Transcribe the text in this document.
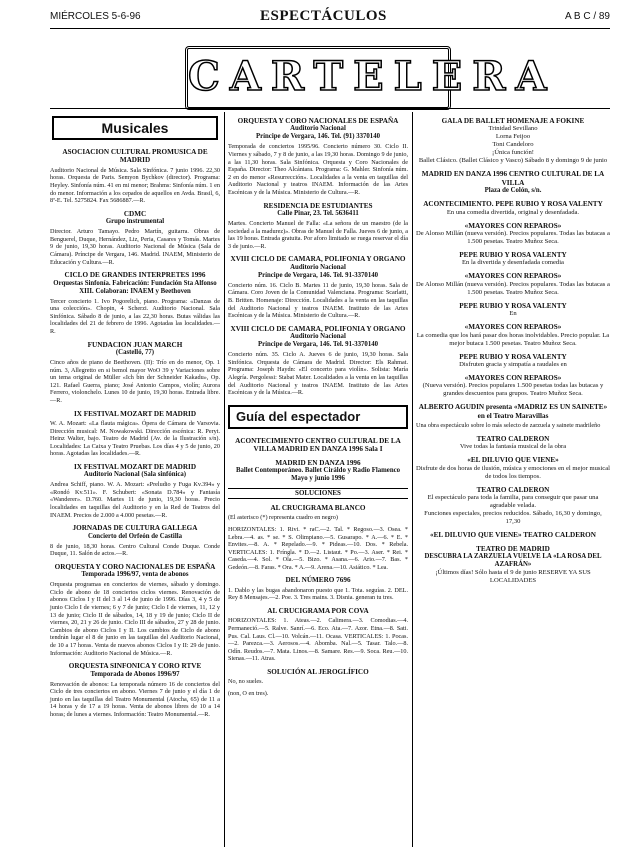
MIÉRCOLES 5-6-96	ESPECTÁCULOS	A B C / 89
CARTELERA
Musicales
ASOCIACION CULTURAL PROMUSICA DE MADRID
Auditorio Nacional de Música. Sala Sinfónica. 7 junio 1996. 22,30 horas. Orquesta de Paris. Semyon Bychkov (director). Programa: Heyley. Sinfonía núm. 41 en mi menor; Brahms: Sinfonía núm. 1 en do menor. Información a los cepados de aquellos en Avda. Brasil, 6, 8ª-E. Tel. 5275824. Fax 5686887.—R.
CDMC
Grupo instrumental
Director. Arturo Tamayo. Pedro Martín, guitarra. Obras de Benguerel, Duque, Hernández, Liz, Peria, Casares y Tomás. Martes 9 de junio, 19,30 horas. Auditorio Nacional de Música (Sala de Cámara). Príncipe de Vergara, 146. Madrid. INAEM, Ministerio de Educación y Cultura.—R.
CICLO DE GRANDES INTERPRETES 1996
Orquestas Sinfonía. Fabricación: Fundación Sta Alfonso XIII. Colaboran: INAEM y Beethoven
Tercer concierto 1. Ivo Pogorelich, piano. Programa: «Danzas de una colección». Chopin, 4 Scherzi. Auditorio Nacional. Sala Sinfónica. Sábado 8 de junio, a las 22,30 horas. Butas válidas las localidades del 21 de febrero de 1996. Agotadas las localidades.—R.
FUNDACION JUAN MARCH
(Castelló, 77)
Cinco años de piano de Beethoven. (II): Trío en do menor, Op. 1 núm. 3, Allegretto en si bemol mayor WoO 39 y Variaciones sobre un tema original de Müller «Ich bin der Schneider Kakadu», Op. 121. Rafael Guerra, piano; José Antonio Campos, violín; Aurora Ferrero, violonchelo. Lunes 10 de junio, 19,30 horas. Entrada libre.—R.
IX FESTIVAL MOZART DE MADRID
W. A. Mozart: «La flauta mágica». Ópera de Cámara de Varsovia. Dirección musical: M. Nowakowski. Dirección escénica: R. Peryt. Heinz Walter, bajo. Teatro de Madrid (Av. de la Ilustración s/n). Localidades: La Caixa y Teatro Pruebas. Los días 4 y 5 de junio, 20 horas. Agotadas las localidades.—R.
IX FESTIVAL MOZART DE MADRID
Auditorio Nacional (Sala sinfónica)
Andrea Schiff, piano. W. A. Mozart: «Preludio y Fuga Kv.394» y «Rondó Kv.511». F. Schubert: «Sonata D.784» y Fantasía «Wanderer». D.760. Martes 11 de junio, 19,30 horas. Precio localidades en taquillas del Auditorio y en la Red de Teatros del INAEM. Precios de 2.000 a 4.000 pesetas.—R.
JORNADAS DE CULTURA GALLEGA
Concierto del Orfeón de Castilla
8 de junio, 18,30 horas. Centro Cultural Conde Duque. Conde Duque, 11. Salón de actos.—R.
ORQUESTA Y CORO NACIONALES DE ESPAÑA
Temporada 1996/97, venta de abonos
Orquesta programas en conciertos de viernes, sábado y domingo. Ciclo de abono de 18 conciertos ciclos viernes. Renovación de abonos Ciclos I y II del 3 al 14 de junio de 1996. Días 3, 4 y 5 de junio Ciclo I de viernes; 6 y 7 de junio; Ciclo I de viernes, 11, 12 y 13 de junio; Ciclo II de sábados, 14, 18 y 19 de junio; Ciclo II de viernes, 20, 21 y 26 de junio. Ciclo III de sábados, 27 y 28 de junio. Cambios de abono Ciclos I y II. Los cambios de Ciclo de abono tendrán lugar el 8 de junio en las taquillas del Auditorio Nacional, de 10 a 17 horas. Venta de nuevos abonos Ciclos I y II: 29 de junio. Información: Auditorio Nacional de Música.—R.
ORQUESTA SINFONICA Y CORO RTVE
Temporada de Abonos 1996/97
Renovación de abonos: La temporada número 16 de conciertos del Ciclo de tres conciertos en abono. Viernes 7 de junio y el día 1 de junio en las taquillas del Teatro Monumental (Atocha, 65) de 11 a 14 horas y de 17 a 19 horas. Venta de abonos libres de 10 a 14 horas; de lunes a viernes. Información: Teatro Monumental.—R.
ORQUESTA Y CORO NACIONALES DE ESPAÑA
Auditorio Nacional
Príncipe de Vergara, 146. Tel. (91) 3370140
Temporada de conciertos 1995/96. Concierto número 30. Ciclo II. Viernes y sábado, 7 y 8 de junio, a las 19,30 horas. Domingo 9 de junio, a las 11,30 horas. Sala Sinfónica. Orquesta y Coro Nacionales de España. Director: Theo Alcántara. Programa: G. Mahler. Sinfonía núm. 2 en do menor «Resurrección». Localidades a la venta en taquillas del Auditorio Nacional y teatros INAEM. Información de las Artes Escénicas y de la Música. Ministerio de Cultura.—R.
RESIDENCIA DE ESTUDIANTES
Calle Pinar, 23. Tel. 5636411
Martes. Concierto Manuel de Falla: «La señora de un maestro (de la sociedad a la madurez)». Obras de Manuel de Falla. Jueves 6 de junio, a las 19 horas. Entrada gratuita. Por aforo limitado se ruega reservar el día 3 de junio.—R.
XVIII CICLO DE CAMARA, POLIFONIA Y ORGANO
Auditorio Nacional
Príncipe de Vergara, 146. Tel. 91-3370140
Concierto núm. 16. Ciclo B. Martes 11 de junio, 19,30 horas. Sala de Cámara. Coro Joven de la Comunidad Valenciana. Programa: Scarlatti, B. Britten. Homenaje: Dirección. Localidades a la venta en las taquillas del Auditorio Nacional y teatros INAEM. Instituto de las Artes Escénicas y de la Música. Ministerio de Cultura.—R.
XVIII CICLO DE CAMARA, POLIFONIA Y ORGANO
Auditorio Nacional
Príncipe de Vergara, 146. Tel. 91-3370140
Concierto núm. 35. Ciclo A. Jueves 6 de junio, 19,30 horas. Sala Sinfónica. Orquesta de Cámara de Madrid. Director: Els Rahmat. Programa: Joseph Haydn: «El concerto para violín». Solista: María Alegría. Pergolessi: Stabat Mater. Localidades a la venta en las taquillas del Auditorio Nacional y teatros INAEM. Instituto de las Artes Escénicas y de la Música.—R.
Guía del espectador
ACONTECIMIENTO CENTRO CULTURAL DE LA VILLA MADRID EN DANZA 1996 Sala I
MADRID EN DANZA 1996
Ballet Contemporáneo. Ballet Ciráldo y Radio Flamenco
Mayo y junio 1996
SOLUCIONES
AL CRUCIGRAMA BLANCO
(El asterisco (*) representa cuadro en negro)
HORIZONTALES: 1. Rivi. * raC.—2. Tal. * Regoso.—3. Osea. * Lebra.—4. as. * se. * S. Olimpiano.—5. Gusarapo. * A.—6. * E. * Envites.—8. A. * Repelado.—9. * Pideas.—10. Dos. * Rebela. VERTICALES: 1. Fríngla. * D.—2. Listaut. * Po.—3. Aser. * Rei. * Caseda.—4. Sol. * Ola.—5. Bizo. * Asana.—6. Ario.—7. Bas. * Gedeón.—8. Faras. * Ora. * A.—9. Arena.—10. Asiático. * Lea.
DEL NÚMERO 7696
1. Dablo y las bugas abandonaron puesto que 1. Tota. seguías. 2. DEL. Rey 8 Mensajes.—2. Poe. 3. Tres mains. 3. Disnia. generan tu tres.
AL CRUCIGRAMA POR COVA
HORIZONTALES: 1. Ateas.—2. Calimera.—3. Comodias.—4. Permaneció.—5. Ralve. Sanrí.—6. Eco. Ata.—7. Azor. Etna.—8. Sati. Pus. Cal. Laus. Cl.—10. Volcán.—11. Ocasa. VERTICALES: 1. Pocas.—2. Parezca.—3. Aerosos.—4. Abomba. Nal.—5. Tasar. Talo.—8. Odín. Reudos.—7. Mata. Linos.—8. Samare. Res.—9. Soca. Reu.—10. Sienas.—11. Atras.
SOLUCIÓN AL JEROGLÍFICO
No, no sueles.
(non, O en tres).
GALA DE BALLET HOMENAJE A FOKINE
Trinidad Sevillano
Lorna Feijoo
Toni Candeloro
¡Única función!
Ballet Clásico. (Ballet Clásico y Vasco) Sábado 8 y domingo 9 de junio
MADRID EN DANZA 1996 CENTRO CULTURAL DE LA VILLA
Plaza de Colón, s/n.
ACONTECIMIENTO. PEPE RUBIO Y ROSA VALENTY
En una comedia divertida, original y desenfadada.
«MAYORES CON REPAROS»
De Alonso Millán (nueva versión). Precios populares. Todas las butacas a 1.500 pesetas. Teatro Muñoz Seca.
PEPE RUBIO Y ROSA VALENTY
En la divertida y desenfadada comedia
«MAYORES CON REPAROS»
De Alonso Millán (nueva versión). Precios populares. Todas las butacas a 1.500 pesetas. Teatro Muñoz Seca.
PEPE RUBIO Y ROSA VALENTY
En
«MAYORES CON REPAROS»
La comedia que los hará pasar dos horas inolvidables. Precio popular. La mejor butaca 1.500 pesetas. Teatro Muñoz Seca.
PEPE RUBIO Y ROSA VALENTY
Disfruten gracia y simpatía a raudales en
«MAYORES CON REPAROS»
(Nueva versión). Precios populares 1.500 pesetas todas las butacas y grandes descuentos para grupos. Teatro Muñoz Seca.
ALBERTO AGUDIN presenta «MADRIZ ES UN SAINETE» en el Teatro Maravillas
Una obra espectáculo sobre lo más selecto de zarzuela y sainete madrileño
TEATRO CALDERON
Vive todas la fantasía musical de la obra
«EL DILUVIO QUE VIENE»
Disfrute de dos horas de ilusión, música y emociones en el mejor musical de todos los tiempos.
TEATRO CALDERON
El espectáculo para toda la familia, para conseguir que pasar una agradable velada.
Funciones especiales, precios reducidos. Sábado, 16,30 y domingo, 17,30
«EL DILUVIO QUE VIENE» TEATRO CALDERON
TEATRO DE MADRID
DESCUBRA LA ZARZUELA VUELVE LA «LA ROSA DEL AZAFRÁN»
¡Últimos días! Sólo hasta el 9 de junio RESERVE YA SUS LOCALIDADES
